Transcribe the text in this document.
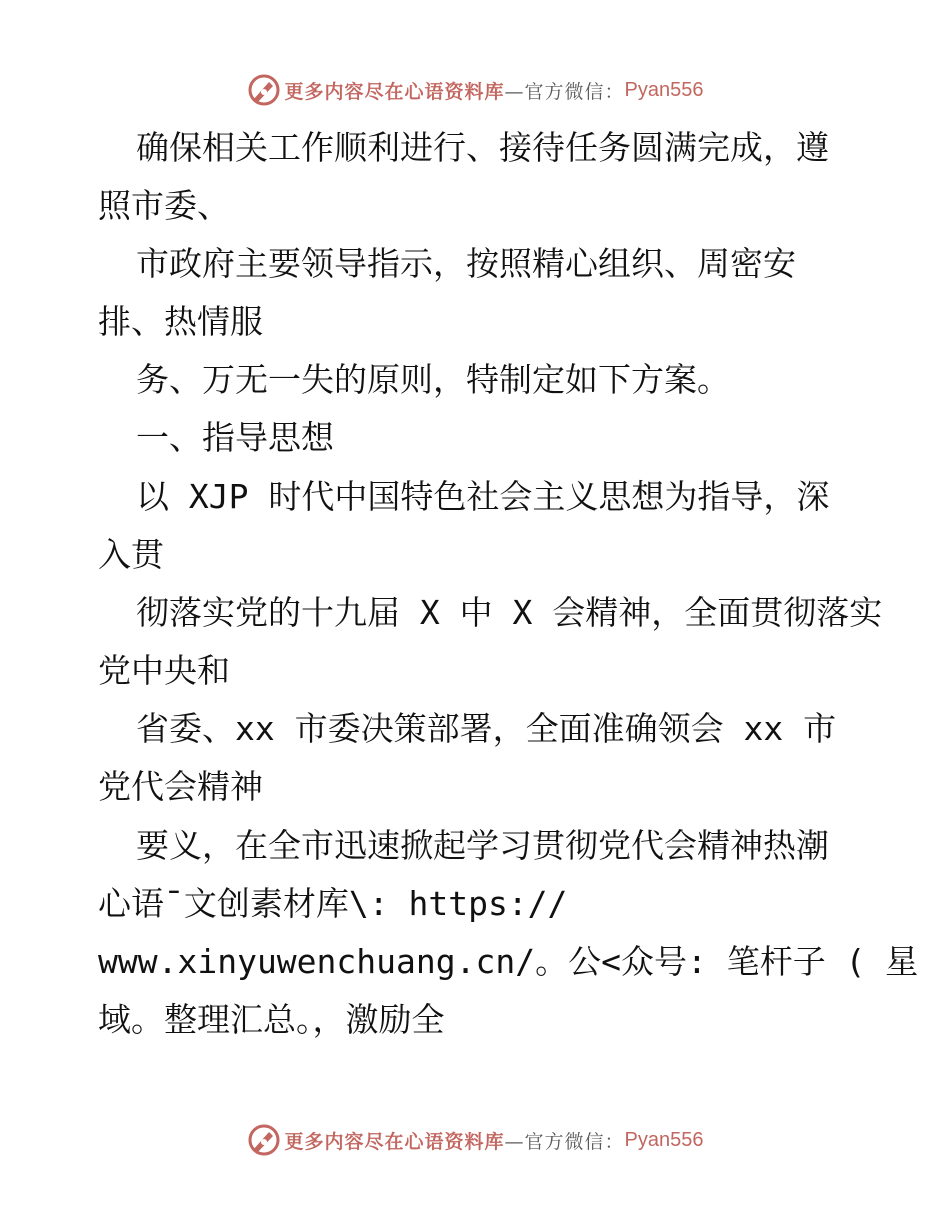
更多内容尽在心语资料库 —官方微信： Pyan556
确保相关工作顺利进行、接待任务圆满完成，遵
照市委、
市政府主要领导指示，按照精心组织、周密安
排、热情服
务、万无一失的原则，特制定如下方案。
一、指导思想
以 XJP 时代中国特色社会主义思想为指导，深
入贯
彻落实党的十九届 X 中 X 会精神，全面贯彻落实
党中央和
省委、xx 市委决策部署，全面准确领会 xx 市
党代会精神
要义，在全市迅速掀起学习贯彻党代会精神热潮
心语¯文创素材库\: https://
www.xinyuwenchuang.cn/。公<众号: 笔杆子 ( 星
域。整理汇总。，激励全
更多内容尽在心语资料库 —官方微信： Pyan556
